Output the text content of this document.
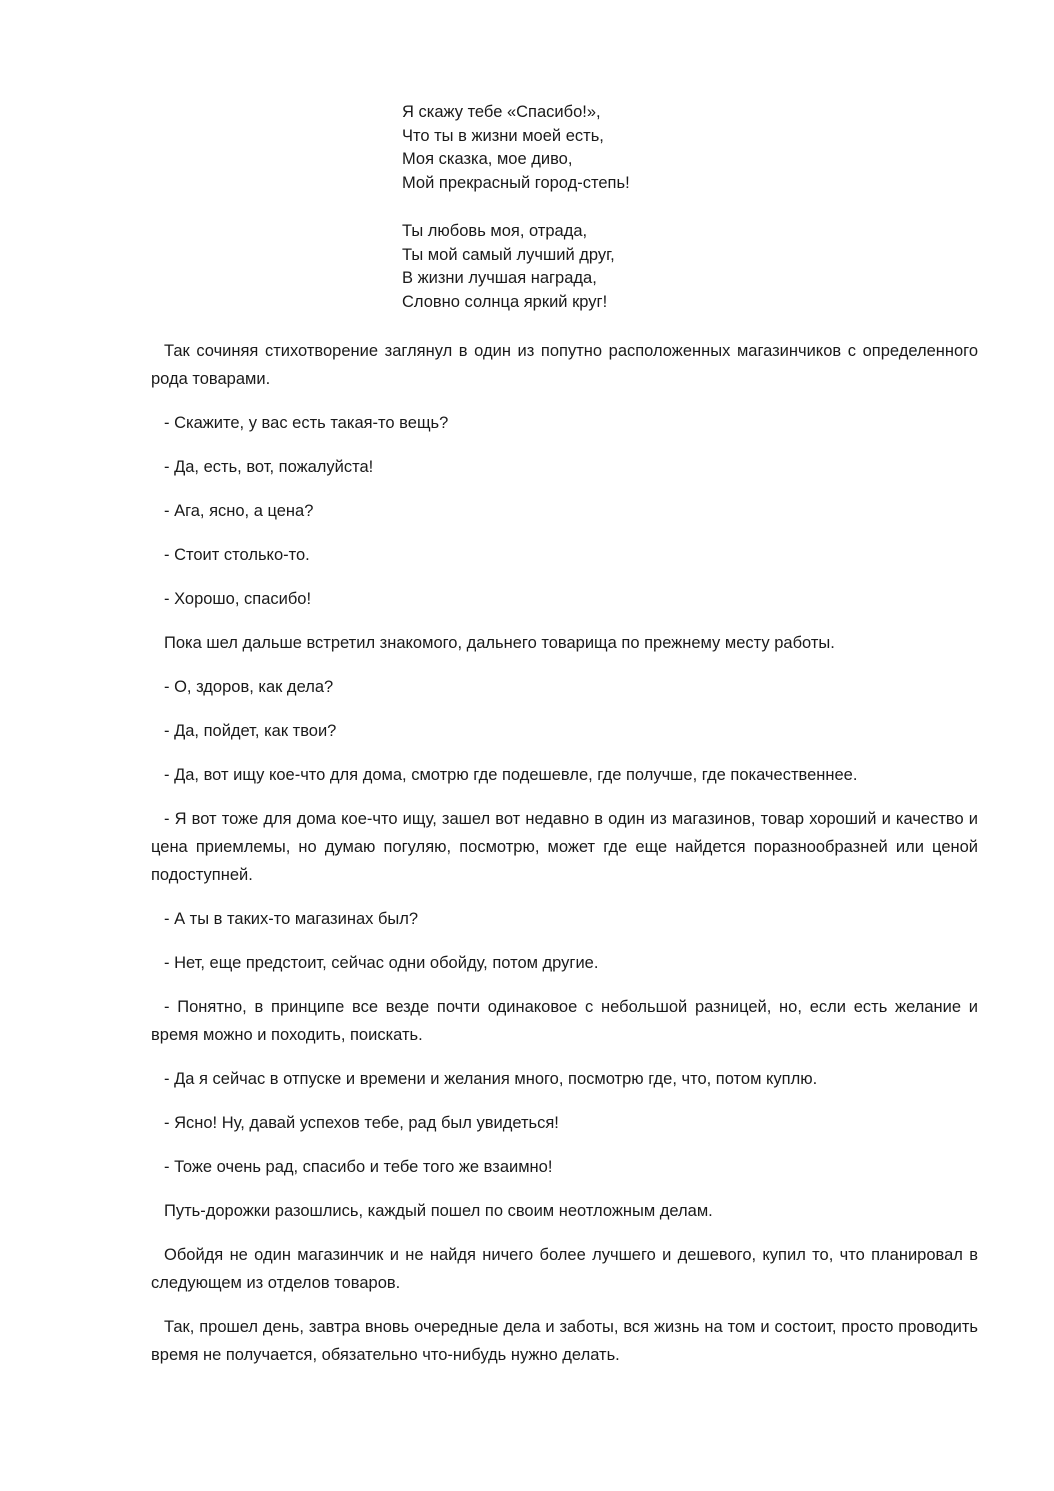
Я скажу тебе «Спасибо!»,
Что ты в жизни моей есть,
Моя сказка, мое диво,
Мой прекрасный город-степь!
Ты любовь моя, отрада,
Ты мой самый лучший друг,
В жизни лучшая награда,
Словно солнца яркий круг!

Так сочиняя стихотворение заглянул в один из попутно расположенных магазинчиков с определенного рода товарами.

- Скажите, у вас есть такая-то вещь?

- Да, есть, вот, пожалуйста!

- Ага, ясно, а цена?

- Стоит столько-то.

- Хорошо, спасибо!

Пока шел дальше встретил знакомого, дальнего товарища по прежнему месту работы.

- О, здоров, как дела?

- Да, пойдет, как твои?

- Да, вот ищу кое-что для дома, смотрю где подешевле, где получше, где покачественнее.

- Я вот тоже для дома кое-что ищу, зашел вот недавно в один из магазинов, товар хороший и качество и цена приемлемы, но думаю погуляю, посмотрю, может где еще найдется поразнообразней или ценой подоступней.

- А ты в таких-то магазинах был?

- Нет, еще предстоит, сейчас одни обойду, потом другие.

- Понятно, в принципе все везде почти одинаковое с небольшой разницей, но, если есть желание и время можно и походить, поискать.

- Да я сейчас в отпуске и времени и желания много, посмотрю где, что, потом куплю.

- Ясно! Ну, давай успехов тебе, рад был увидеться!

- Тоже очень рад, спасибо и тебе того же взаимно!

Путь-дорожки разошлись, каждый пошел по своим неотложным делам.

Обойдя не один магазинчик и не найдя ничего более лучшего и дешевого, купил то, что планировал в следующем из отделов товаров.

Так, прошел день, завтра вновь очередные дела и заботы, вся жизнь на том и состоит, просто проводить время не получается, обязательно что-нибудь нужно делать.
